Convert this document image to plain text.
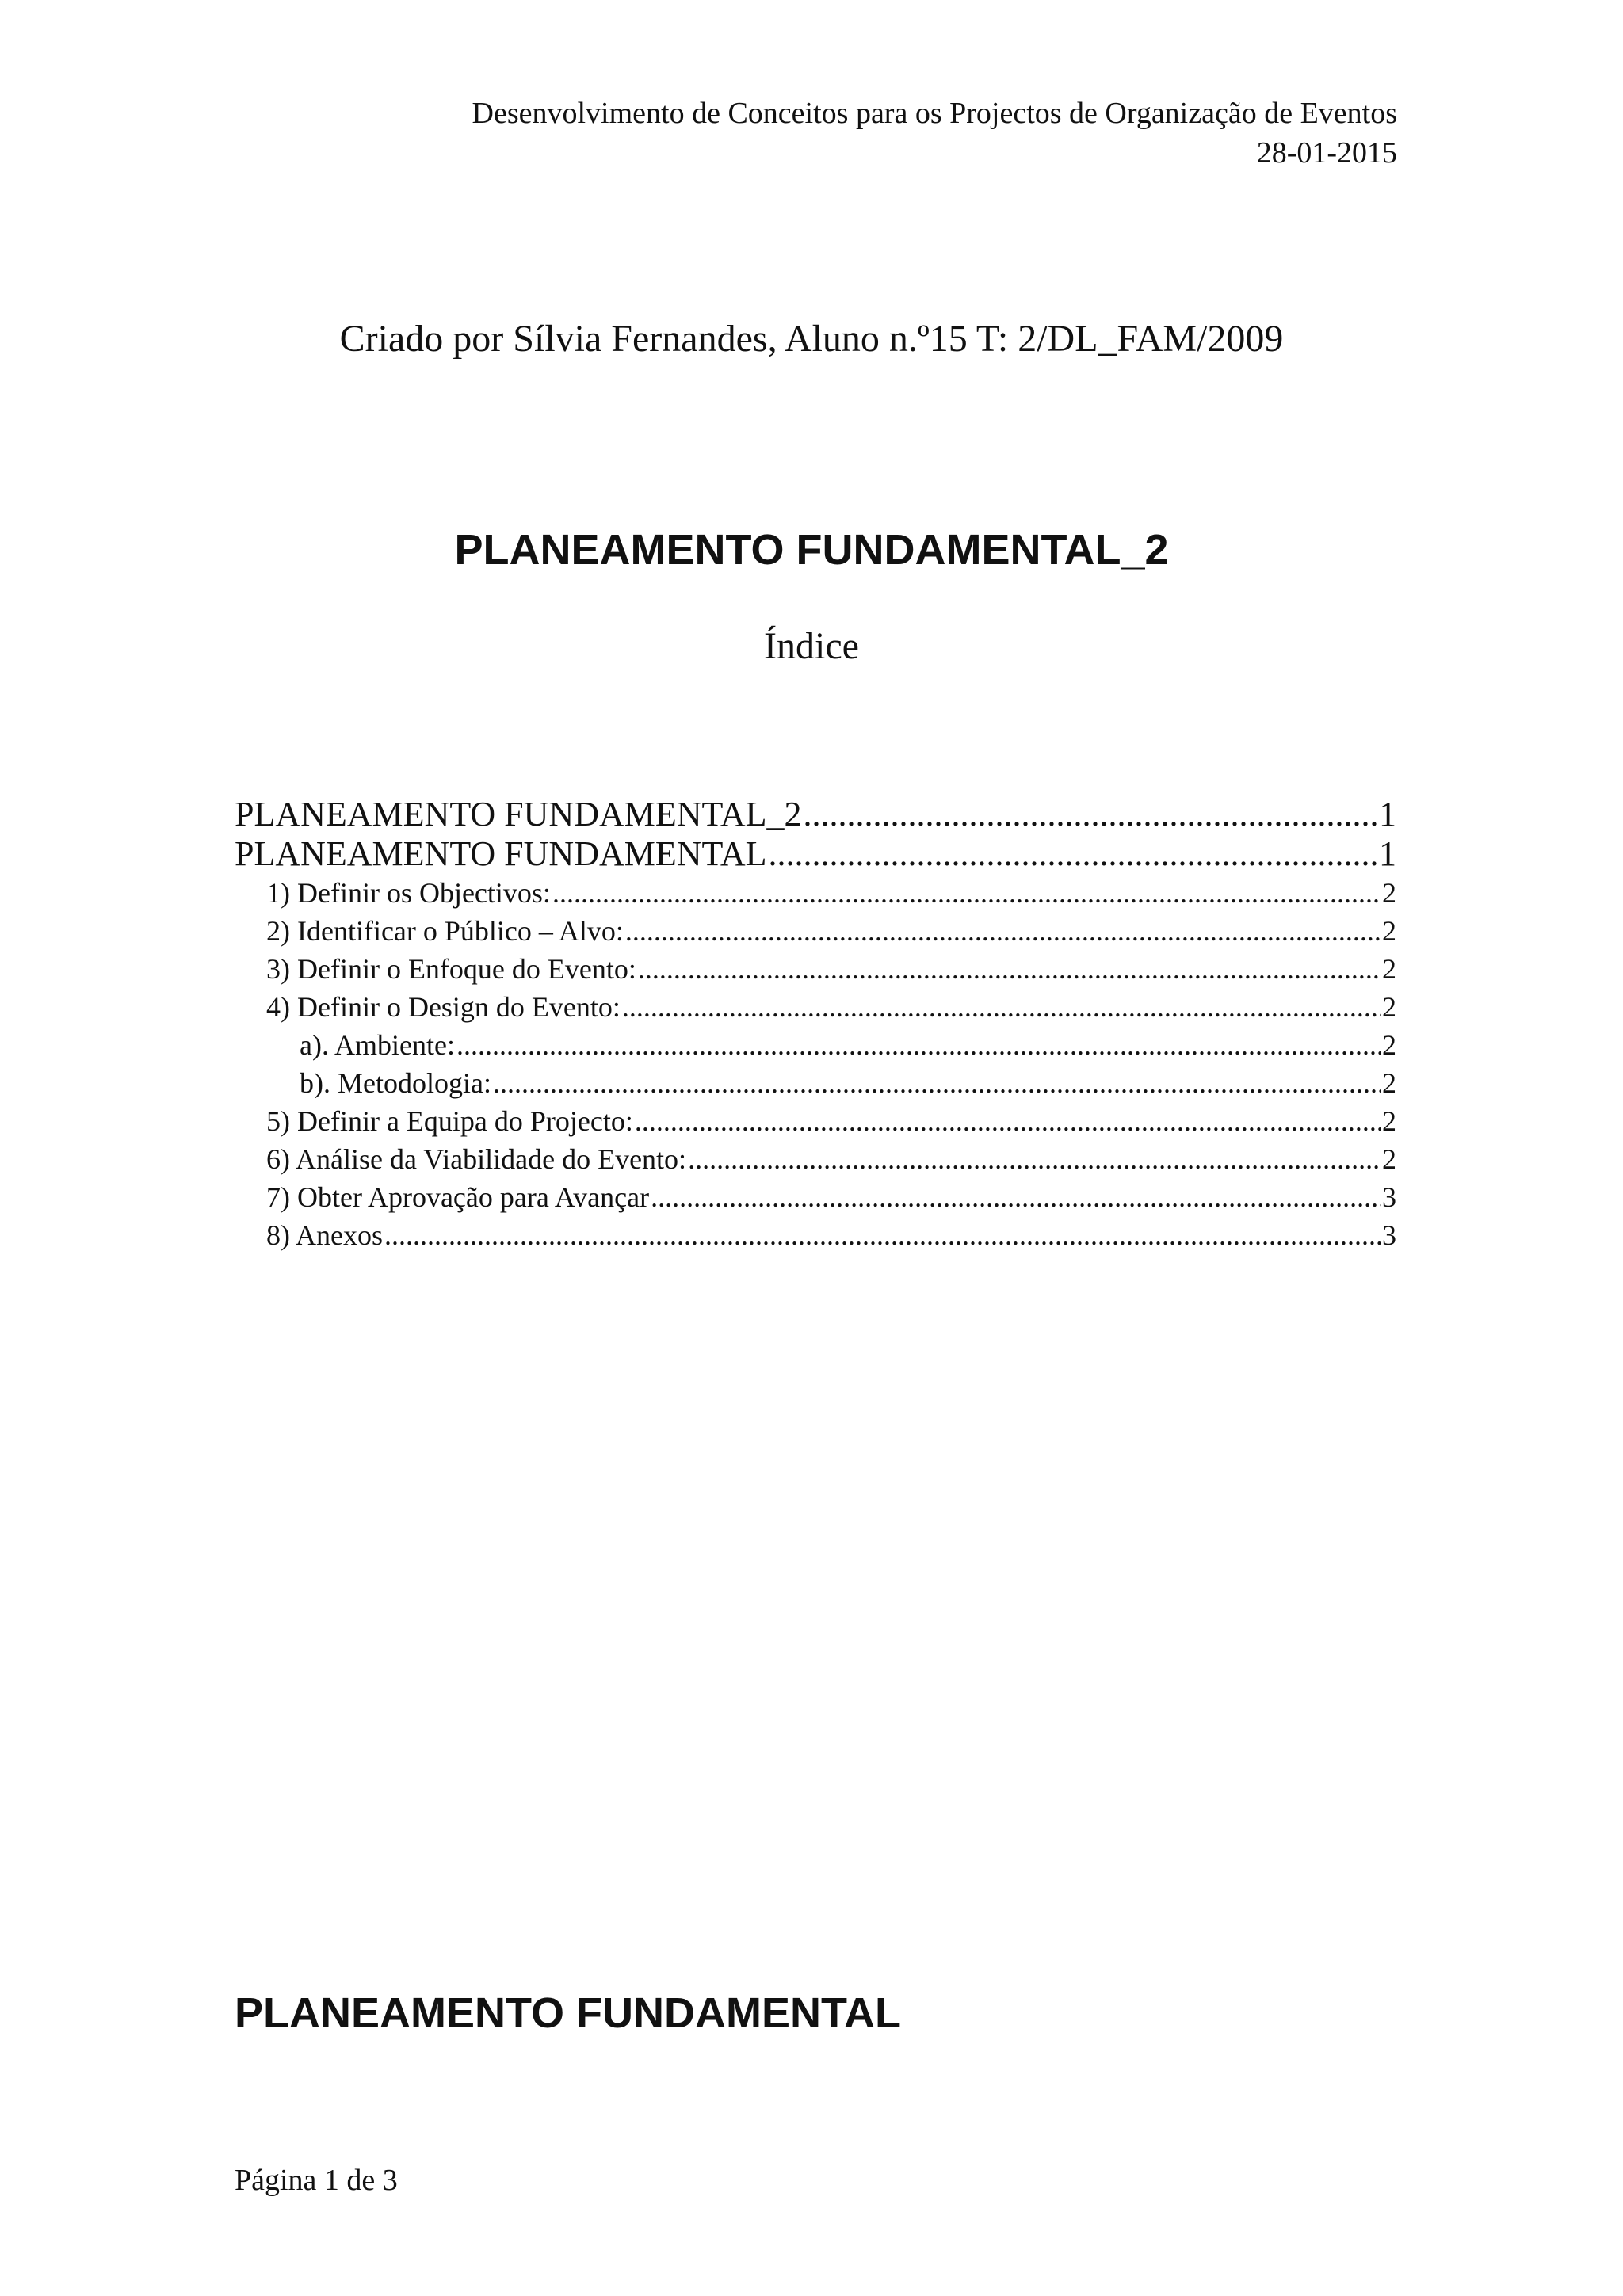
Desenvolvimento de Conceitos para os Projectos de Organização de Eventos
28-01-2015
Criado por Sílvia Fernandes, Aluno n.º15 T: 2/DL_FAM/2009
PLANEAMENTO FUNDAMENTAL_2
Índice
PLANEAMENTO FUNDAMENTAL_2 .....	1
PLANEAMENTO FUNDAMENTAL .....	1
1) Definir os Objectivos: .....	2
2) Identificar o Público – Alvo: .....	2
3) Definir o Enfoque do Evento: .....	2
4) Definir o Design do Evento: .....	2
a). Ambiente: .....	2
b). Metodologia: .....	2
5) Definir a Equipa do Projecto: .....	2
6) Análise da Viabilidade do Evento: .....	2
7) Obter Aprovação para Avançar .....	3
8) Anexos .....	3
PLANEAMENTO FUNDAMENTAL
Página 1 de 3
